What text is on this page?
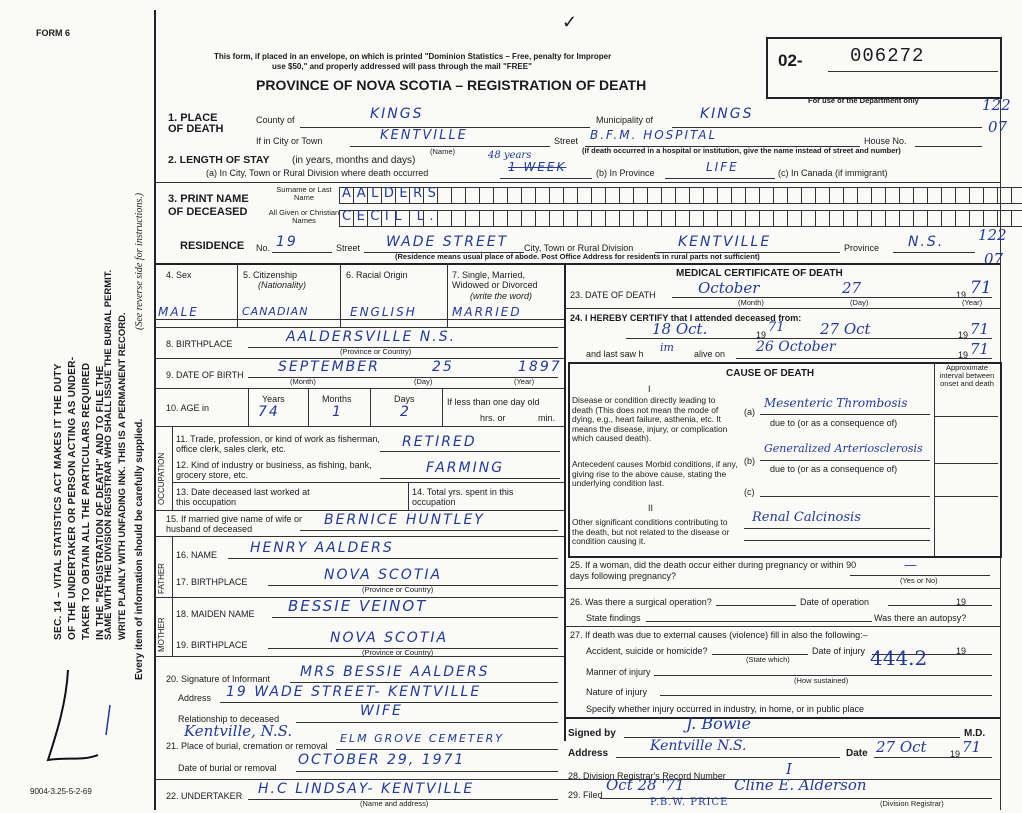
FORM 6
✓
SEC. 14 – VITAL STATISTICS ACT MAKES IT THE DUTY OF THE UNDERTAKER OR PERSON ACTING AS UNDER- TAKER TO OBTAIN ALL THE PARTICULARS REQUIRED IN THE "REGISTRATION OF DEATH" AND TO FILE THE
SAME WITH THE DIVISION REGISTRAR WHO SHALL ISSUE THE BURIAL PERMIT. WRITE PLAINLY WITH UNFADING INK. THIS IS A PERMANENT RECORD.
(See reverse side for instructions.)
Every item of information should be carefully supplied.
9004-3.25-5-2-69
This form, if placed in an envelope, on which is printed "Dominion Statistics – Free, penalty for Improper
use $50," and properly addressed will pass through the mail "FREE"
PROVINCE OF NOVA SCOTIA – REGISTRATION OF DEATH
02- 006272
For use of the Department only	122
07
1. PLACE OF DEATH
County of	KINGS	Municipality of	KINGS
If in City or Town	KENTVILLE
(Name)
Street B.F.M. HOSPITAL	House No.
(If death occurred in a hospital or institution, give the name instead of street and number)
2. LENGTH OF STAY (in years, months and days)
(a) In City, Town or Rural Division where death occurred
48 years
1 WEEK	(b) In Province	LIFE	(c) In Canada (if immigrant)
3. PRINT NAME OF DECEASED
Surname or Last Name
All Given or Christian Names
AALDERS
CECIL L.
RESIDENCE No. 19	Street WADE STREET City, Town or Rural Division	KENTVILLE	Province N.S. 122
07
(Residence means usual place of abode. Post Office Address for residents in rural parts not sufficient)
4. Sex	5. Citizenship
(Nationality)
6. Racial Origin	7. Single, Married, Widowed or Divorced
(write the word)
MALE	CANADIAN	ENGLISH	MARRIED
8. BIRTHPLACE	AALDERSVILLE N.S.
(Province or Country)
9. DATE OF BIRTH SEPTEMBER	25	1897
(Month)	(Day)	(Year)
10. AGE in
Years	Months	Days
74	1	2
If less than one day old
hrs. or	min.
OCCUPATION
11. Trade, profession, or kind of work as fisherman, office clerk, sales clerk, etc.	RETIRED
12. Kind of industry or business, as fishing, bank, grocery store, etc.	FARMING
13. Date deceased last worked at this occupation
14. Total yrs. spent in this occupation
15. If married give name of wife or husband of deceased
BERNICE HUNTLEY
FATHER
16. NAME HENRY AALDERS
17. BIRTHPLACE	NOVA SCOTIA
(Province or Country)
MOTHER
18. MAIDEN NAME BESSIE VEINOT
19. BIRTHPLACE	NOVA SCOTIA
(Province or Country)
20. Signature of Informant MRS BESSIE AALDERS
Address 19 WADE STREET- KENTVILLE
Relationship to deceased	WIFE
Kentville, N.S.
21. Place of burial, cremation or removal
ELM GROVE CEMETERY
Date of burial or removal OCTOBER 29, 1971
22. UNDERTAKER H.C LINDSAY- KENTVILLE
(Name and address)
MEDICAL CERTIFICATE OF DEATH
23. DATE OF DEATH	October	27	19 71
(Month)	(Day)	(Year)
24. I HEREBY CERTIFY that I attended deceased from:
18 Oct.	19 71 27 Oct	19 71
and last saw h im alive on 26 October	19 71
CAUSE OF DEATH
Approximate interval between onset and death
I
Disease or condition directly leading to death (This does not mean the mode of dying, e.g., heart failure, asthenia, etc. It means the disease, injury, or complication which caused death).
(a)
Mesenteric Thrombosis
due to (or as a consequence of)
Antecedent causes Morbid conditions, if any, giving rise to the above cause, stating the underlying condition last.
(b)
Generalized Arteriosclerosis
due to (or as a consequence of)
(c)
II
Other significant conditions contributing to the death, but not related to the disease or condition causing it.
Renal Calcinosis
25. If a woman, did the death occur either during pregnancy or within 90 days following pregnancy?
—
(Yes or No)
26. Was there a surgical operation?	Date of operation	19
State findings	Was there an autopsy?
27. If death was due to external causes (violence) fill in also the following:–
Accident, suicide or homicide?
(State which)
Date of injury	19
Manner of injury
444.2
(How sustained)
Nature of injury
Specify whether injury occurred in industry, in home, or in public place
Signed by
J. Bowie
M.D.
Address	Kentville N.S.	Date 27 Oct	19 71
28. Division Registrar's Record Number	I
29. Filed
Oct 28 '71	Cline E. Alderson
P.B.W. PRICE	(Division Registrar)
